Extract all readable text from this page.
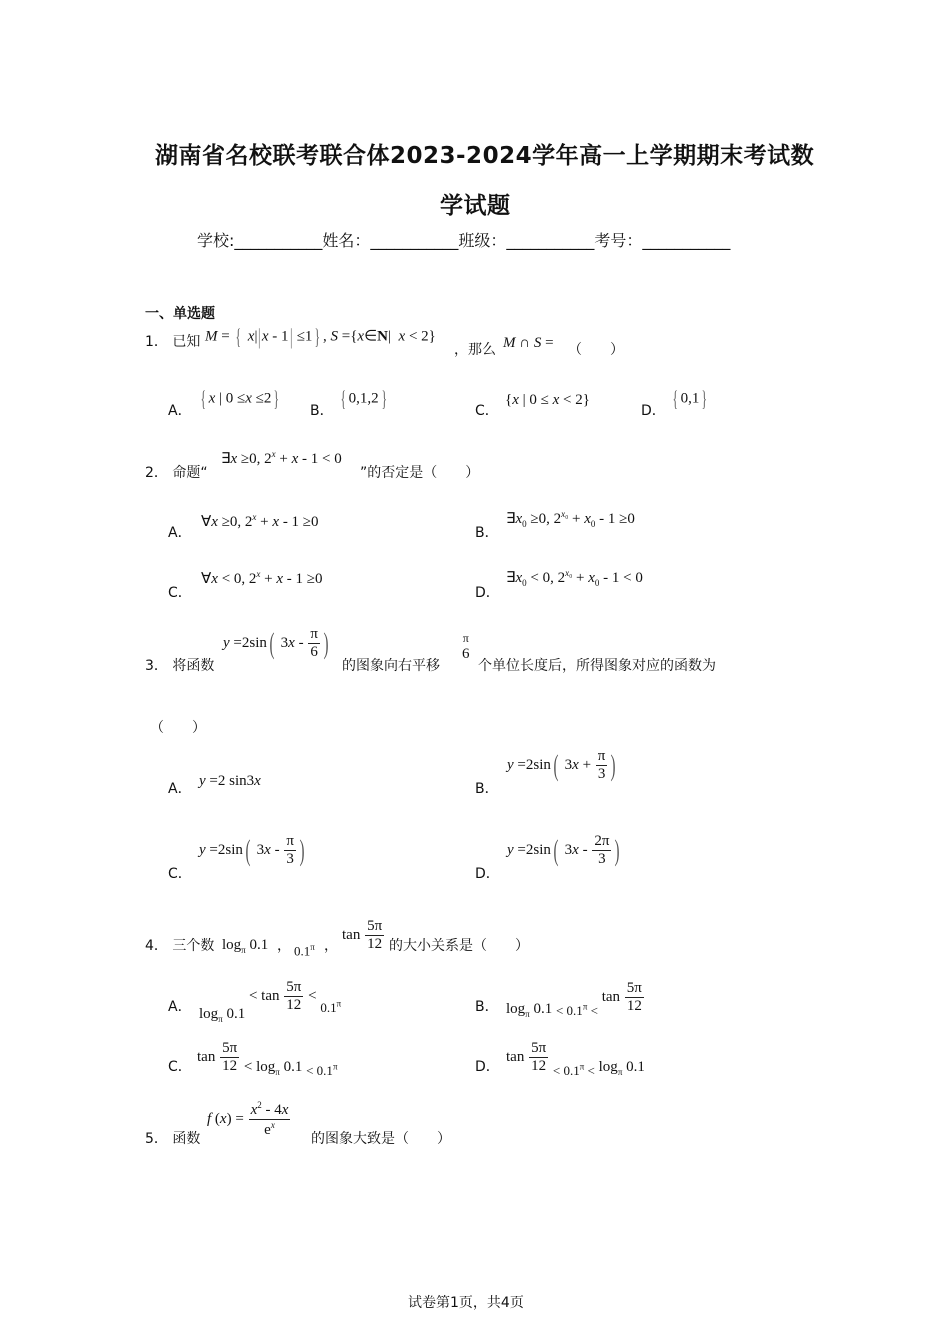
湖南省名校联考联合体2023-2024学年高一上学期期末考试数
学试题
学校:___________姓名：___________班级：___________考号：___________
一、单选题
1． 已知 M = { x||x - 1| ≤1 } , S ={x∈N|  x < 2}
，那么 M ∩ S = （　　）
A． { x | 0 ≤x ≤2 } B． { 0,1,2 }	C．
{x | 0 ≤ x < 2}
D． { 0,1 }
2． 命题“
∃x ≥0, $2^x + x - 1 < 0$
”的否定是（　　）
A．
∀x ≥0, $2^x + x - 1 \ge 0$
B．
$\exists x_0 \ge 0$, $2^{x_0} + x_0 - 1 \ge 0$
C．
∀x < 0, $2^x + x - 1 \ge 0$
D．
$\exists x_0 < 0$, $2^{x_0} + x_0 - 1 < 0$
3． 将函数
y =2sin( $3x - \frac{\pi}{6}$ )
的图象向右平移
π
6
个单位长度后，所得图象对应的函数为
（　　）
A． y =2 sin3x	B．
y =2sin( $3x + \frac{\pi}{3}$ )
C．
y =2sin( $3x - \frac{\pi}{3}$ )
D．
y =2sin( $3x - \frac{2\pi}{3}$ )
4． 三个数 $\log_\pi 0.1$ ， $0.1^\pi$ ，
$\tan \frac{5\pi}{12}$ 的大小关系是（　　）
A． $\log_\pi 0.1 < \tan \frac{5\pi}{12} < 0.1^\pi$	B． $\log_\pi 0.1 < 0.1^\pi < \tan \frac{5\pi}{12}$
C．
$\tan \frac{5\pi}{12} < \log_\pi 0.1 < 0.1^\pi$	D．
$\tan \frac{5\pi}{12} < 0.1^\pi < \log_\pi 0.1$
5． 函数
f $(x) = \frac{x^2 - 4x}{e^x}$ 的图象大致是（　　）
试卷第1页，共4页
